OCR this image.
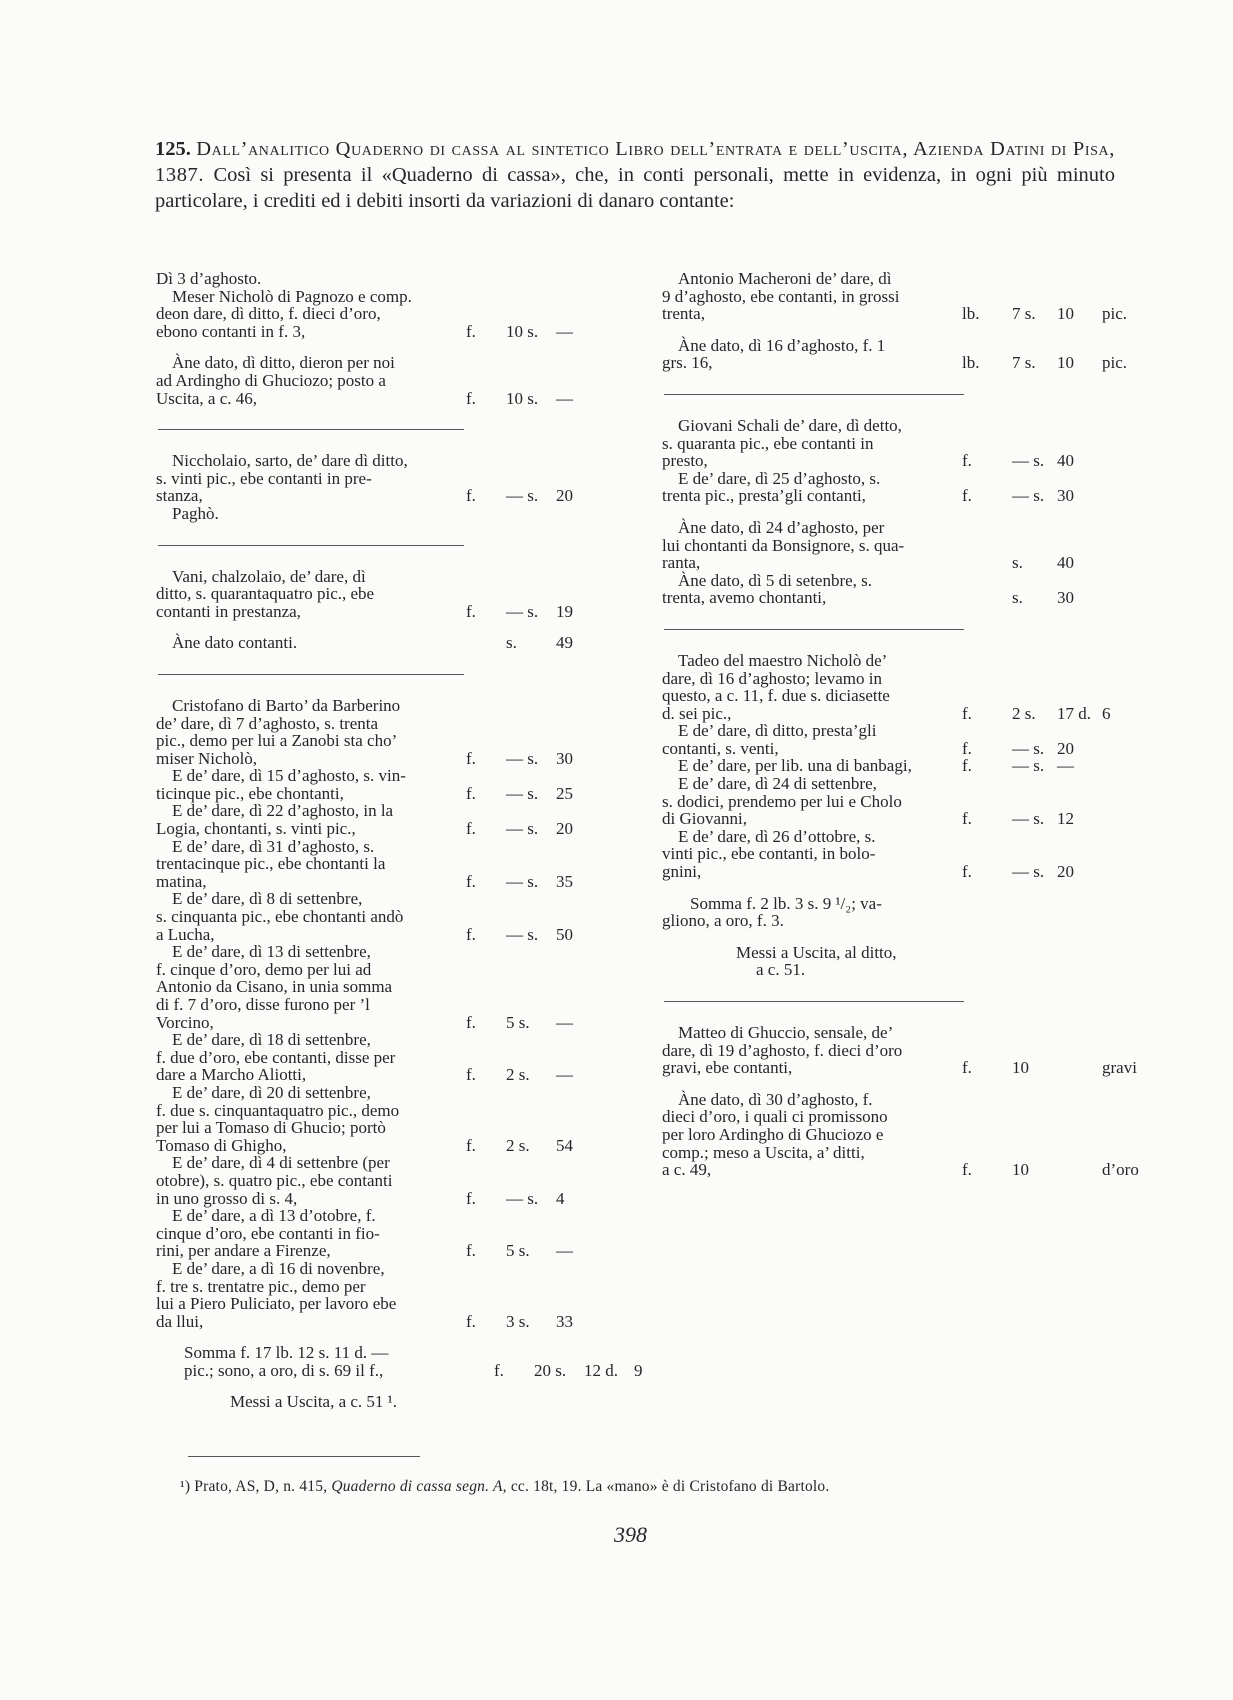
125. Dall’analitico Quaderno di cassa al sintetico Libro dell’entrata e dell’uscita, Azienda Datini di Pisa, 1387. Così si presenta il «Quaderno di cassa», che, in conti personali, mette in evidenza, in ogni più minuto particolare, i crediti ed i debiti insorti da variazioni di danaro contante:
Dì 3 d’aghosto.
Meser Nicholò di Pagnozo e comp.
deon dare, dì ditto, f. dieci d’oro,
ebono contanti in f. 3,	f.	10 s.	—
Àne dato, dì ditto, dieron per noi
ad Ardingho di Ghuciozo; posto a
Uscita, a c. 46,	f.	10 s.	—
Niccholaio, sarto, de’ dare dì ditto,
s. vinti pic., ebe contanti in pre-
stanza,	f.	— s.	20
Paghò.
Vani, chalzolaio, de’ dare, dì
ditto, s. quarantaquatro pic., ebe
contanti in prestanza,	f.	— s.	19
Àne dato contanti.	s.	49
Cristofano di Barto’ da Barberino
de’ dare, dì 7 d’aghosto, s. trenta
pic., demo per lui a Zanobi sta cho’
miser Nicholò,	f.	— s.	30
E de’ dare, dì 15 d’aghosto, s. vin-
ticinque pic., ebe chontanti,	f.	— s.	25
E de’ dare, dì 22 d’aghosto, in la
Logia, chontanti, s. vinti pic.,	f.	— s.	20
E de’ dare, dì 31 d’aghosto, s.
trentacinque pic., ebe chontanti la
matina,	f.	— s.	35
E de’ dare, dì 8 di settenbre,
s. cinquanta pic., ebe chontanti andò
a Lucha,	f.	— s.	50
E de’ dare, dì 13 di settenbre,
f. cinque d’oro, demo per lui ad
Antonio da Cisano, in unia somma
di f. 7 d’oro, disse furono per ’l
Vorcino,	f.	5 s.	—
E de’ dare, dì 18 di settenbre,
f. due d’oro, ebe contanti, disse per
dare a Marcho Aliotti,	f.	2 s.	—
E de’ dare, dì 20 di settenbre,
f. due s. cinquantaquatro pic., demo
per lui a Tomaso di Ghucio; portò
Tomaso di Ghigho,	f.	2 s.	54
E de’ dare, dì 4 di settenbre (per
otobre), s. quatro pic., ebe contanti
in uno grosso di s. 4,	f.	— s.	4
E de’ dare, a dì 13 d’otobre, f.
cinque d’oro, ebe contanti in fio-
rini, per andare a Firenze,	f.	5 s.	—
E de’ dare, a dì 16 di novenbre,
f. tre s. trentatre pic., demo per
lui a Piero Puliciato, per lavoro ebe
da llui,	f.	3 s.	33
Somma f. 17 lb. 12 s. 11 d. —
pic.; sono, a oro, di s. 69 il f.,	f.	20 s.	12 d. 9
Messi a Uscita, a c. 51 ¹.
Antonio Macheroni de’ dare, dì
9 d’aghosto, ebe contanti, in grossi
trenta,	lb.	7 s.	10	pic.
Àne dato, dì 16 d’aghosto, f. 1
grs. 16,	lb.	7 s.	10	pic.
Giovani Schali de’ dare, dì detto,
s. quaranta pic., ebe contanti in
presto,	f.	— s. 40
E de’ dare, dì 25 d’aghosto, s.
trenta pic., presta’gli contanti,	f.	— s. 30
Àne dato, dì 24 d’aghosto, per
lui chontanti da Bonsignore, s. qua-
ranta,	s.	40
Àne dato, dì 5 di setenbre, s.
trenta, avemo chontanti,	s.	30
Tadeo del maestro Nicholò de’
dare, dì 16 d’aghosto; levamo in
questo, a c. 11, f. due s. diciasette
d. sei pic.,	f.	2 s.	17 d. 6
E de’ dare, dì ditto, presta’gli
contanti, s. venti,	f.	— s. 20
E de’ dare, per lib. una di banbagi,	f.	— s. —
E de’ dare, dì 24 di settenbre,
s. dodici, prendemo per lui e Cholo
di Giovanni,	f.	— s. 12
E de’ dare, dì 26 d’ottobre, s.
vinti pic., ebe contanti, in bolo-
gnini,	f.	— s. 20
Somma f. 2 lb. 3 s. 9 ¹/₂; va-
gliono, a oro, f. 3.
Messi a Uscita, al ditto,
a c. 51.
Matteo di Ghuccio, sensale, de’
dare, dì 19 d’aghosto, f. dieci d’oro
gravi, ebe contanti,	f.	10	gravi
Àne dato, dì 30 d’aghosto, f.
dieci d’oro, i quali ci promissono
per loro Ardingho di Ghuciozo e
comp.; meso a Uscita, a’ ditti,
a c. 49,	f.	10	d’oro
¹) Prato, AS, D, n. 415, Quaderno di cassa segn. A, cc. 18t, 19. La «mano» è di Cristofano di Bartolo.
398
